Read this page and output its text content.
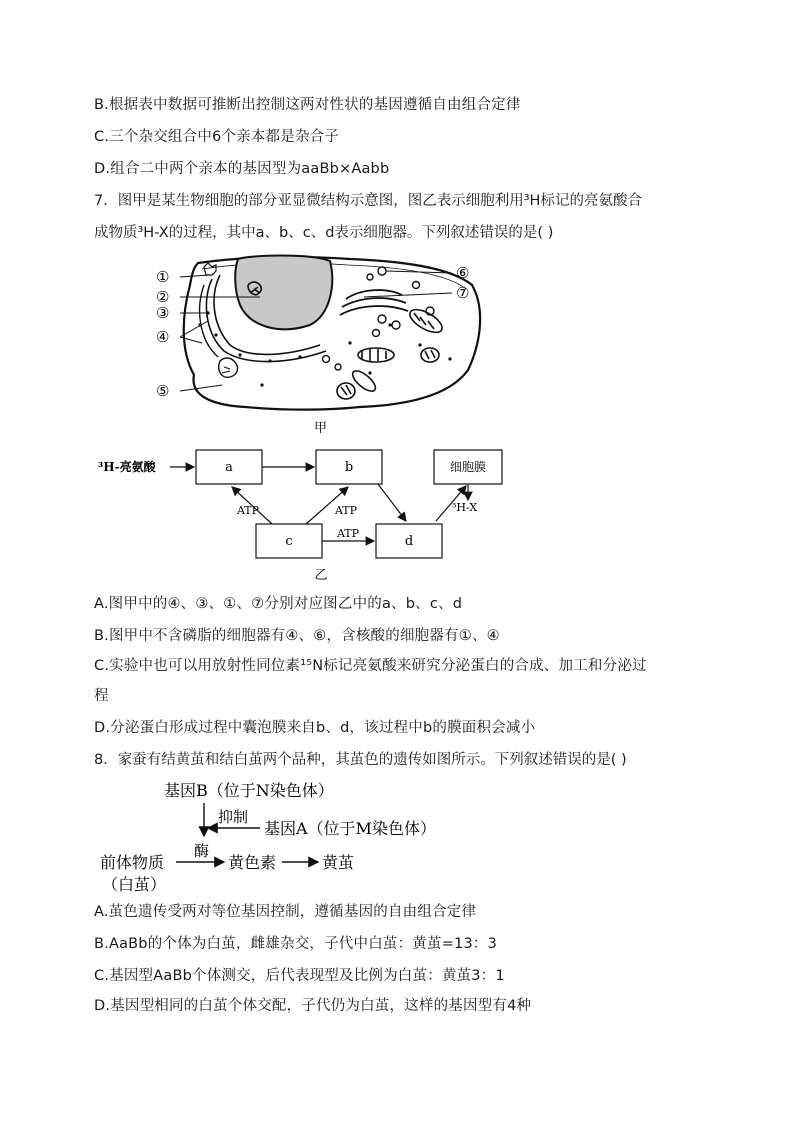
B.根据表中数据可推断出控制这两对性状的基因遵循自由组合定律
C.三个杂交组合中6个亲本都是杂合子
D.组合二中两个亲本的基因型为aaBb×Aabb
7．图甲是某生物细胞的部分亚显微结构示意图，图乙表示细胞利用³H标记的亮氨酸合
成物质³H-X的过程，其中a、b、c、d表示细胞器。下列叙述错误的是( )
①
②
③
④
⑤
⑥
⑦
甲
³H-亮氨酸	a	b	细胞膜
³H-X
c	d
ATP
ATP	ATP
乙
A.图甲中的④、③、①、⑦分别对应图乙中的a、b、c、d
B.图甲中不含磷脂的细胞器有④、⑥，含核酸的细胞器有①、④
C.实验中也可以用放射性同位素¹⁵N标记亮氨酸来研究分泌蛋白的合成、加工和分泌过
程
D.分泌蛋白形成过程中囊泡膜来自b、d，该过程中b的膜面积会减小
8．家蚕有结黄茧和结白茧两个品种，其茧色的遗传如图所示。下列叙述错误的是( )
基因B（位于N染色体）
抑制
基因A（位于M染色体）
前体物质
酶
黄色素	黄茧
（白茧）
A.茧色遗传受两对等位基因控制，遵循基因的自由组合定律
B.AaBb的个体为白茧，雌雄杂交，子代中白茧：黄茧=13：3
C.基因型AaBb个体测交，后代表现型及比例为白茧：黄茧3：1
D.基因型相同的白茧个体交配，子代仍为白茧，这样的基因型有4种
